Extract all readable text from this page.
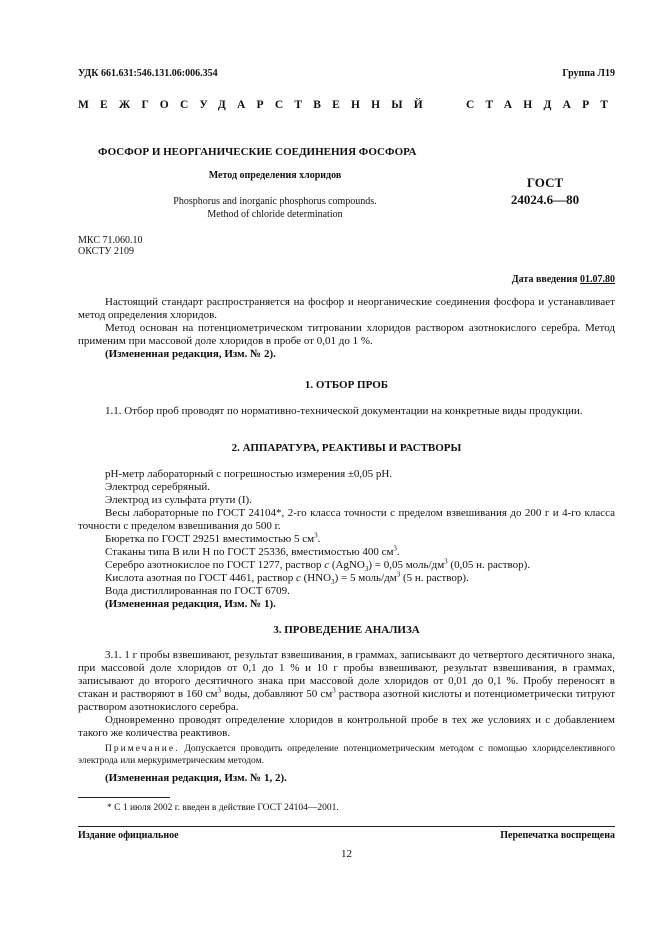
УДК 661.631:546.131.06:006.354	Группа Л19
МЕЖГОСУДАРСТВЕННЫЙ	СТАНДАРТ
ФОСФОР И НЕОРГАНИЧЕСКИЕ СОЕДИНЕНИЯ ФОСФОРА
Метод определения хлоридов
Phosphorus and inorganic phosphorus compounds.
Method of chloride determination
ГОСТ
24024.6—80
МКС 71.060.10
ОКСТУ 2109
Дата введения 01.07.80

Настоящий стандарт распространяется на фосфор и неорганические соединения фосфора и устанавливает метод определения хлоридов.

Метод основан на потенциометрическом титровании хлоридов раствором азотнокислого серебра. Метод применим при массовой доле хлоридов в пробе от 0,01 до 1 %.

(Измененная редакция, Изм. № 2).

1. ОТБОР ПРОБ

1.1. Отбор проб проводят по нормативно-технической документации на конкретные виды продукции.

2. АППАРАТУРА, РЕАКТИВЫ И РАСТВОРЫ

pH-метр лабораторный с погрешностью измерения ±0,05 pH.

Электрод серебряный.

Электрод из сульфата ртути (I).

Весы лабораторные по ГОСТ 24104*, 2-го класса точности с пределом взвешивания до 200 г и 4-го класса точности с пределом взвешивания до 500 г.

Бюретка по ГОСТ 29251 вместимостью 5 $см^3$.

Стаканы типа В или Н по ГОСТ 25336, вместимостью 400 $см^3$.

Серебро азотнокислое по ГОСТ 1277, раствор c (AgNO$_3$) = 0,05 моль/$дм^3$ (0,05 н. раствор).

Кислота азотная по ГОСТ 4461, раствор c $(HNO_3) = 5$ моль/$дм^3$ (5 н. раствор).

Вода дистиллированная по ГОСТ 6709.

(Измененная редакция, Изм. № 1).

3. ПРОВЕДЕНИЕ АНАЛИЗА

3.1. 1 г пробы взвешивают, результат взвешивания, в граммах, записывают до четвертого десятичного знака, при массовой доле хлоридов от 0,1 до 1 % и 10 г пробы взвешивают, результат взвешивания, в граммах, записывают до второго десятичного знака при массовой доле хлоридов от 0,01 до 0,1 %. Пробу переносят в стакан и растворяют в 160 $см^3$ воды, добавляют 50 $см^3$ раствора азотной кислоты и потенциометрически титруют раствором азотнокислого серебра.

Одновременно проводят определение хлоридов в контрольной пробе в тех же условиях и с добавлением такого же количества реактивов.

Примечание. Допускается проводить определение потенциометрическим методом с помощью хлоридселективного электрода или меркуриметрическим методом.

(Измененная редакция, Изм. № 1, 2).

* С 1 июля 2002 г. введен в действие ГОСТ 24104—2001.
Издание официальное	Перепечатка воспрещена
12
